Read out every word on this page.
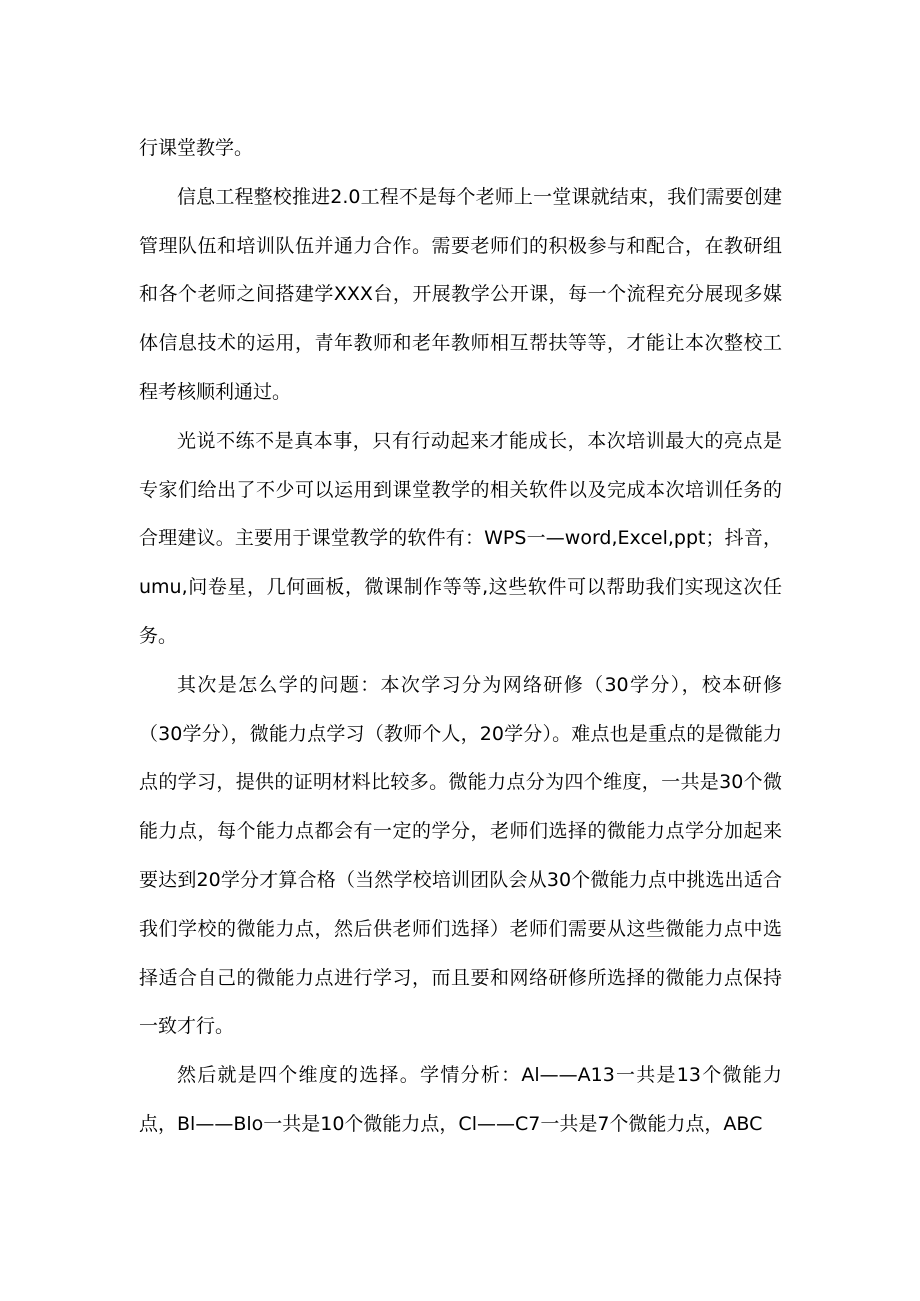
行课堂教学。

信息工程整校推进2.0工程不是每个老师上一堂课就结束，我们需要创建管理队伍和培训队伍并通力合作。需要老师们的积极参与和配合，在教研组和各个老师之间搭建学XXX台，开展教学公开课，每一个流程充分展现多媒体信息技术的运用，青年教师和老年教师相互帮扶等等，才能让本次整校工程考核顺利通过。

光说不练不是真本事，只有行动起来才能成长，本次培训最大的亮点是专家们给出了不少可以运用到课堂教学的相关软件以及完成本次培训任务的合理建议。主要用于课堂教学的软件有：WPS一—word,Excel,ppt；抖音，umu,问卷星，几何画板，微课制作等等,这些软件可以帮助我们实现这次任务。

其次是怎么学的问题：本次学习分为网络研修（30学分），校本研修（30学分），微能力点学习（教师个人，20学分）。难点也是重点的是微能力点的学习，提供的证明材料比较多。微能力点分为四个维度，一共是30个微能力点，每个能力点都会有一定的学分，老师们选择的微能力点学分加起来要达到20学分才算合格（当然学校培训团队会从30个微能力点中挑选出适合我们学校的微能力点，然后供老师们选择）老师们需要从这些微能力点中选择适合自己的微能力点进行学习，而且要和网络研修所选择的微能力点保持一致才行。

然后就是四个维度的选择。学情分析：Al——A13一共是13个微能力点，Bl——Blo一共是10个微能力点，Cl——C7一共是7个微能力点，ABC
